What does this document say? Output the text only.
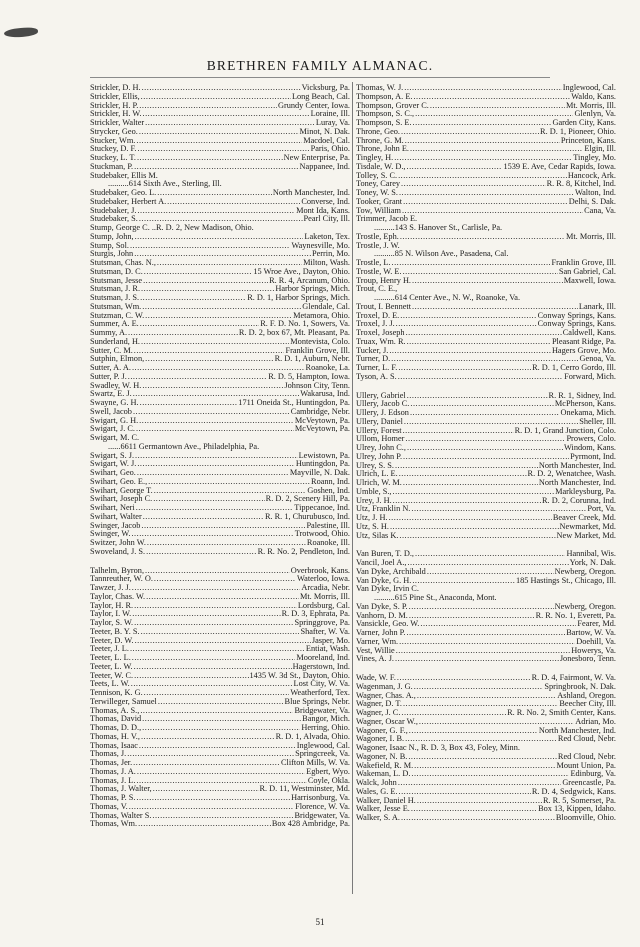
BRETHREN FAMILY ALMANAC.
Strickler, D. H. .....	Vicksburg, Pa.
Strickler, Ellis, .....	Long Beach, Cal.
Strickler, H. P. .....	Grundy Center, Iowa.
Strickler, H. W. .....	Loraine, Ill.
Strickler, Walter .....	Luray, Va.
Strycker, Geo. .....	Minot, N. Dak.
Stucker, Wm. .....	Macdoel, Cal.
Stuckey, D. F. .....	Paris, Ohio.
Stuckey, L. T. .....	New Enterprise, Pa.
Stuckman, P. .....	Nappanee, Ind.
Studebaker, Ellis M.
..........614 Sixth Ave., Sterling, Ill.
Studebaker, Geo. L. .....	North Manchester, Ind.
Studebaker, Herbert A. .....	Converse, Ind.
Studebaker, J. .....	Mont Ida, Kans.
Studebaker, S. .....	Pearl City, Ill.
Stump, George C. ..R. D. 2, New Madison, Ohio.
Stump, John, .....	Laketon, Tex.
Stump, Sol. .....	Waynesville, Mo.
Sturgis, John .....	Perrin, Mo.
Stutsman, Chas. N., .....	Milton, Wash.
Stutsman, D. C. .....	15 Wroe Ave., Dayton, Ohio.
Stutsman, Jesse .....	R. R. 4, Arcanum, Ohio.
Stutsman, J. R. .....	Harbor Springs, Mich.
Stutsman, J. S. .....	R. D. 1, Harbor Springs, Mich.
Stutsman, Wm. .....	Glendale, Cal.
Stutzman, C. W. .....	Metamora, Ohio.
Summer, A. E. .....	R. F. D. No. 1, Sowers, Va.
Summy, A. .....	R. D. 2, box 67, Mt. Pleasant, Pa.
Sunderland, H. .....	Montevista, Colo.
Sutter, C. M. .....	Franklin Grove, Ill.
Sutphin, Elmon, .....	R. D. 1, Auburn, Nebr.
Sutter, A. A. .....	Roanoke, La.
Sutter, P. J. .....	R. D. 5, Hampton, Iowa.
Swadley, W. H. .....	Johnson City, Tenn.
Swartz, E. J. .....	Wakarusa, Ind.
Swayne, G. H. .....	1711 Oneida St., Huntingdon, Pa.
Swell, Jacob .....	Cambridge, Nebr.
Swigart, G. H. .....	McVeytown, Pa.
Swigart, J. C. .....	McVeytown, Pa.
Swigart, M. C.
......6611 Germantown Ave., Philadelphia, Pa.
Swigart, S. J. .....	Lewistown, Pa.
Swigart, W. J. .....	Huntingdon, Pa.
Swihart, Geo. .....	Mayville, N. Dak.
Swihart, Geo. E., .....	Roann, Ind.
Swihart, George T. .....	Goshen, Ind.
Swihart, Joseph C. .....	R. D. 2, Scenery Hill, Pa.
Swihart, Neri .....	Tippecanoe, Ind.
Swihart, Walter .....	R. R. 1, Churubusco, Ind.
Swinger, Jacob .....	Palestine, Ill.
Swinger, W. .....	Trotwood, Ohio.
Switzer, John W. .....	Roanoke, Ill.
Swoveland, J. S. .....	R. R. No. 2, Pendleton, Ind.
Talhelm, Byron, .....	Overbrook, Kans.
Tannreuther, W. O. .....	Waterloo, Iowa.
Tawzer, J. J. .....	Arcadia, Nebr.
Taylor, Chas. W. .....	Mt. Morris, Ill.
Taylor, H. R. .....	Lordsburg, Cal.
Taylor, I. W. .....	R. D. 3, Ephrata, Pa.
Taylor, S. W. .....	Springgrove, Pa.
Teeter, B. Y. S. .....	Shafter, W. Va.
Teeter, D. W. .....	Jasper, Mo.
Teeter, J. L. .....	Entiat, Wash.
Teeter, L. L. .....	Mooreland, Ind.
Teeter, L. W. .....	Hagerstown, Ind.
Teeter, W. C. .....	1435 W. 3d St., Dayton, Ohio.
Teets, L. W. .....	Lost City, W. Va.
Tennison, K. G. .....	Weatherford, Tex.
Terwilleger, Samuel .....	Blue Springs, Nebr.
Thomas, A. S., .....	Bridgewater, Va.
Thomas, David .....	Bangor, Mich.
Thomas, D. D., .....	Herring, Ohio.
Thomas, H. V., .....	R. D. 1, Alvada, Ohio.
Thomas, Isaac .....	Inglewood, Cal.
Thomas, J. .....	Springcreek, Va.
Thomas, Jer. .....	Clifton Mills, W. Va.
Thomas, J. A. .....	Egbert, Wyo.
Thomas, J. L. .....	Coyle, Okla.
Thomas, J. Walter, .....	R. D. 11, Westminster, Md.
Thomas, P. S. .....	Harrisonburg, Va.
Thomas, V. .....	Florence, W. Va.
Thomas, Walter S. .....	Bridgewater, Va.
Thomas, Wm. .....	Box 428 Ambridge, Pa.
Thomas, W. J. .....	Inglewood, Cal.
Thompson, A. E. .....	Waldo, Kans.
Thompson, Grover C. .....	Mt. Morris, Ill.
Thompson, S. C., .....	Glenlyn, Va.
Thompson, S. E. .....	Garden City, Kans.
Throne, Geo. .....	R. D. 1, Pioneer, Ohio.
Throne, G. M. .....	Princeton, Kans.
Throne, John E. .....	Elgin, Ill.
Tingley, H. .....	Tingley, Mo.
Tisdale, W. D., .....	1539 E. Ave, Cedar Rapids, Iowa.
Tolley, S. C. .....	Hancock, Ark.
Toney, Carey .....	R. R. 8, Kitchel, Ind.
Toney, W. S. .....	Walton, Ind.
Tooker, Grant .....	Delhi, S. Dak.
Tow, William .....	Cana, Va.
Trimmer, Jacob E.
..........143 S. Hanover St., Carlisle, Pa.
Trostle, Eph. .....	Mt. Morris, Ill.
Trostle, J. W.
..........85 N. Wilson Ave., Pasadena, Cal.
Trostle, L. .....	Franklin Grove, Ill.
Trostle, W. E. .....	San Gabriel, Cal.
Troup, Henry H. .....	Maxwell, Iowa.
Trout, C. E.,
..........614 Center Ave., N. W., Roanoke, Va.
Trout, I. Bennett .....	Lanark, Ill.
Troxel, D. E. .....	Conway Springs, Kans.
Troxel, J. J. .....	Conway Springs, Kans.
Troxel, Joseph .....	Caldwell, Kans.
Truax, Wm. R. .....	Pleasant Ridge, Pa.
Tucker, J. .....	Hagers Grove, Mo.
Turner, D. .....	Genoa, Va.
Turner, L. F. .....	R. D. 1, Cerro Gordo, Ill.
Tyson, A. S. .....	Forward, Mich.
Ullery, Gabriel .....	R. R. 1, Sidney, Ind.
Ullery, Jacob C. .....	McPherson, Kans.
Ullery, J. Edson .....	Onekama, Mich.
Ullery, Daniel .....	Sheller, Ill.
Ullery, Forest .....	R. D. 1, Grand Junction, Colo.
Ullom, Homer .....	Prowers, Colo.
Ulrey, John C., .....	Windom, Kans.
Ulrey, John P. .....	Pyrmont, Ind.
Ulrey, S. S. .....	North Manchester, Ind.
Ulrich, L. E. .....	R. D. 2, Wenatchee, Wash.
Ulrich, W. M. .....	North Manchester, Ind.
Umble, S., .....	Markleysburg, Pa.
Urey, J. H. .....	R. D. 2, Corunna, Ind.
Utz, Franklin N. .....	Port, Va.
Utz, J. H. .....	Beaver Creek, Md.
Utz, S. H. .....	Newmarket, Md.
Utz, Silas K. .....	New Market, Md.
Van Buren, T. D., .....	Hannibal, Wis.
Vancil, Joel A., .....	York, N. Dak.
Van Dyke, Archibald .....	Newberg, Oregon.
Van Dyke, G. H. .....	185 Hastings St., Chicago, Ill.
Van Dyke, Irvin C.
..........615 Pine St., Anaconda, Mont.
Van Dyke, S. P. .....	Newberg, Oregon.
Vanhorn, D. M. .....	R. R. No. 1, Everett, Pa.
Vansickle, Geo. W. .....	Fearer, Md.
Varner, John P. .....	Bartow, W. Va.
Varner, Wm. .....	Doehill, Va.
Vest, Willie .....	Howerys, Va.
Vines, A. J. .....	Jonesboro, Tenn.
Wade, W. F. .....	R. D. 4, Fairmont, W. Va.
Wagenman, J. G. .....	Springbrook, N. Dak.
Wagner, Chas. A., .....	Ashland, Oregon.
Wagner, D. T. .....	Beecher City, Ill.
Wagner, J. C. .....	R. R. No. 2, Smith Center, Kans.
Wagner, Oscar W., .....	Adrian, Mo.
Wagoner, G. F., .....	North Manchester, Ind.
Wagoner, I. B. .....	Red Cloud, Nebr.
Wagoner, Isaac N., R. D. 3, Box 43, Foley, Minn.
Wagoner, N. B. .....	Red Cloud, Nebr.
Wakefield, R. M. .....	Mount Union, Pa.
Wakeman, L. D. .....	Edinburg, Va.
Walck, John .....	Greencastle, Pa.
Wales, G. E. .....	R. D. 4, Sedgwick, Kans.
Walker, Daniel H. .....	R. R. 5, Somerset, Pa.
Walker, Jesse E. .....	Box 13, Kippen, Idaho.
Walker, S. A. .....	Bloomville, Ohio.
51
